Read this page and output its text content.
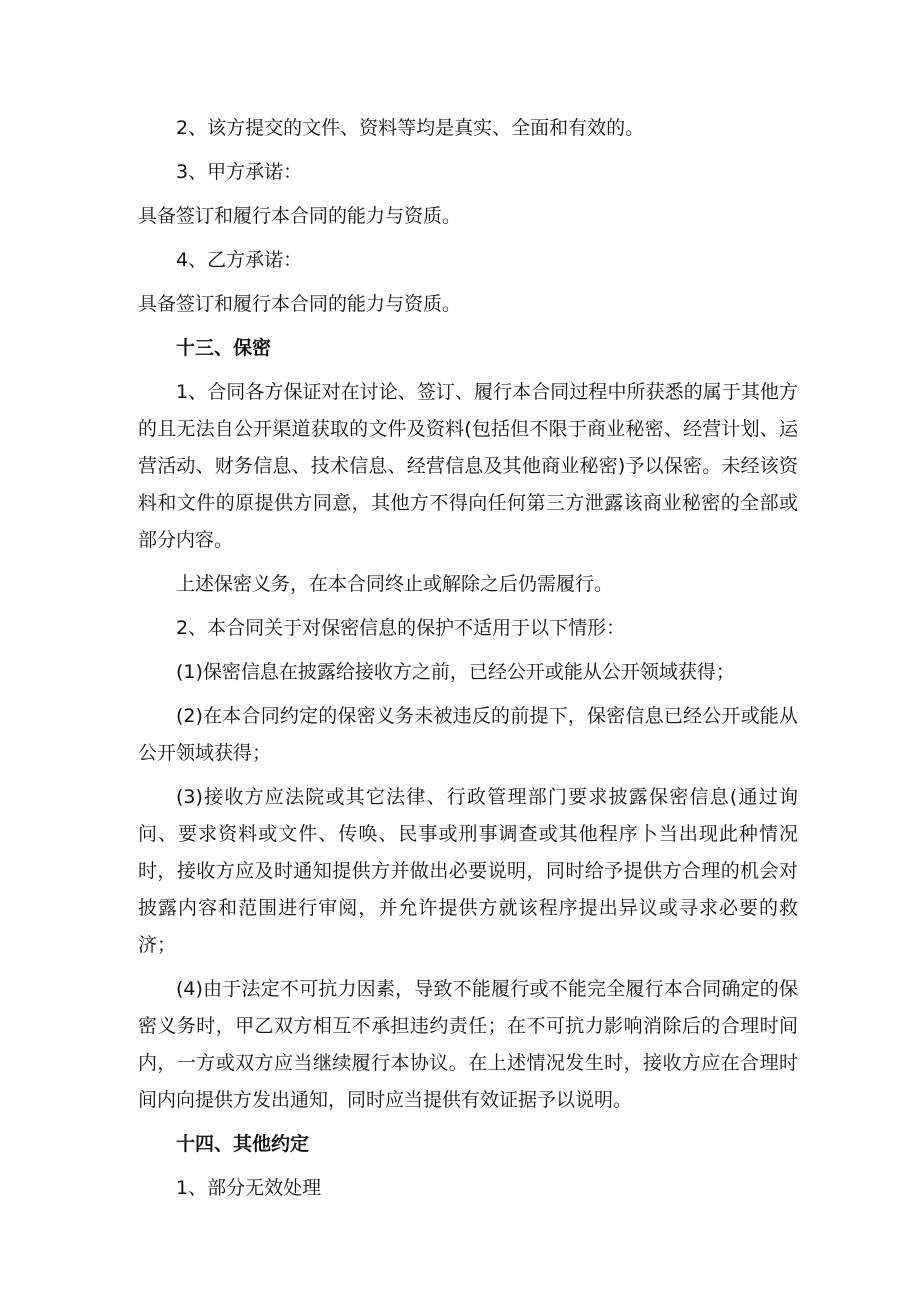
2、该方提交的文件、资料等均是真实、全面和有效的。

3、甲方承诺：

具备签订和履行本合同的能力与资质。

4、乙方承诺：

具备签订和履行本合同的能力与资质。

十三、保密

1、合同各方保证对在讨论、签订、履行本合同过程中所获悉的属于其他方的且无法自公开渠道获取的文件及资料(包括但不限于商业秘密、经营计划、运营活动、财务信息、技术信息、经营信息及其他商业秘密)予以保密。未经该资料和文件的原提供方同意，其他方不得向任何第三方泄露该商业秘密的全部或部分内容。

上述保密义务，在本合同终止或解除之后仍需履行。

2、本合同关于对保密信息的保护不适用于以下情形：

(1)保密信息在披露给接收方之前，已经公开或能从公开领域获得；

(2)在本合同约定的保密义务未被违反的前提下，保密信息已经公开或能从公开领域获得；

(3)接收方应法院或其它法律、行政管理部门要求披露保密信息(通过询问、要求资料或文件、传唤、民事或刑事调查或其他程序卜当出现此种情况时，接收方应及时通知提供方并做出必要说明，同时给予提供方合理的机会对披露内容和范围进行审阅，并允许提供方就该程序提出异议或寻求必要的救济；

(4)由于法定不可抗力因素，导致不能履行或不能完全履行本合同确定的保密义务时，甲乙双方相互不承担违约责任；在不可抗力影响消除后的合理时间内，一方或双方应当继续履行本协议。在上述情况发生时，接收方应在合理时间内向提供方发出通知，同时应当提供有效证据予以说明。

十四、其他约定

1、部分无效处理
